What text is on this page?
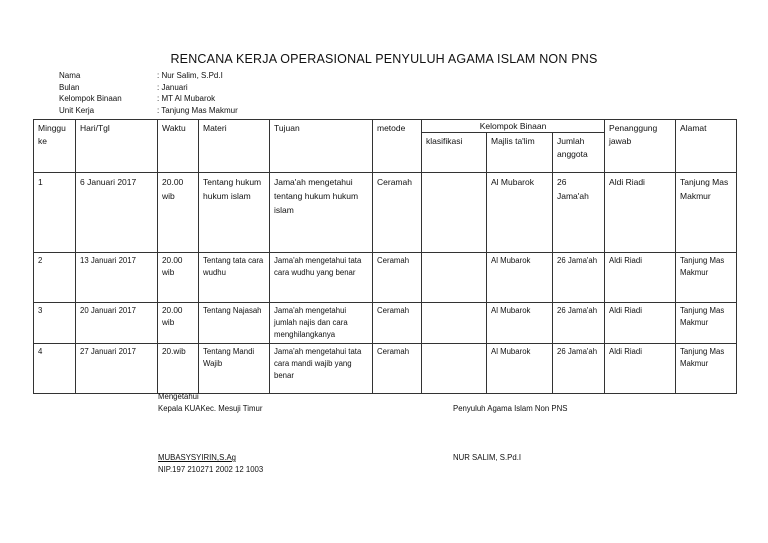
RENCANA KERJA OPERASIONAL PENYULUH AGAMA ISLAM NON PNS
Nama	: Nur Salim, S.Pd.I
Bulan	: Januari
Kelompok Binaan	: MT Al Mubarok
Unit Kerja	: Tanjung Mas Makmur
Minggu ke	Hari/Tgl	Waktu	Materi	Tujuan	metode	Kelompok Binaan			Penanggung jawab	Alamat
						klasifikasi	Majlis ta'lim	Jumlah anggota		
1	6 Januari 2017	20.00 wib	Tentang hukum hukum islam	Jama'ah mengetahui tentang hukum hukum islam	Ceramah		Al Mubarok	26 Jama'ah	Aldi Riadi	Tanjung Mas Makmur
2	13 Januari 2017	20.00 wib	Tentang tata cara wudhu	Jama'ah mengetahui tata cara wudhu yang benar	Ceramah		Al Mubarok	26 Jama'ah	Aldi Riadi	Tanjung Mas Makmur
3	20 Januari 2017	20.00 wib	Tentang Najasah	Jama'ah mengetahui jumlah najis dan cara menghilangkanya	Ceramah		Al Mubarok	26 Jama'ah	Aldi Riadi	Tanjung Mas Makmur
4	27 Januari 2017	20.wib	Tentang Mandi Wajib	Jama'ah mengetahui tata cara mandi wajib yang benar	Ceramah		Al Mubarok	26 Jama'ah	Aldi Riadi	Tanjung Mas Makmur
Mengetahui
Kepala KUAKec. Mesuji Timur	Penyuluh Agama Islam Non PNS
MUBASYSYIRIN,S.Ag
NIP.197 210271 2002 12 1003
NUR SALIM, S.Pd.I
